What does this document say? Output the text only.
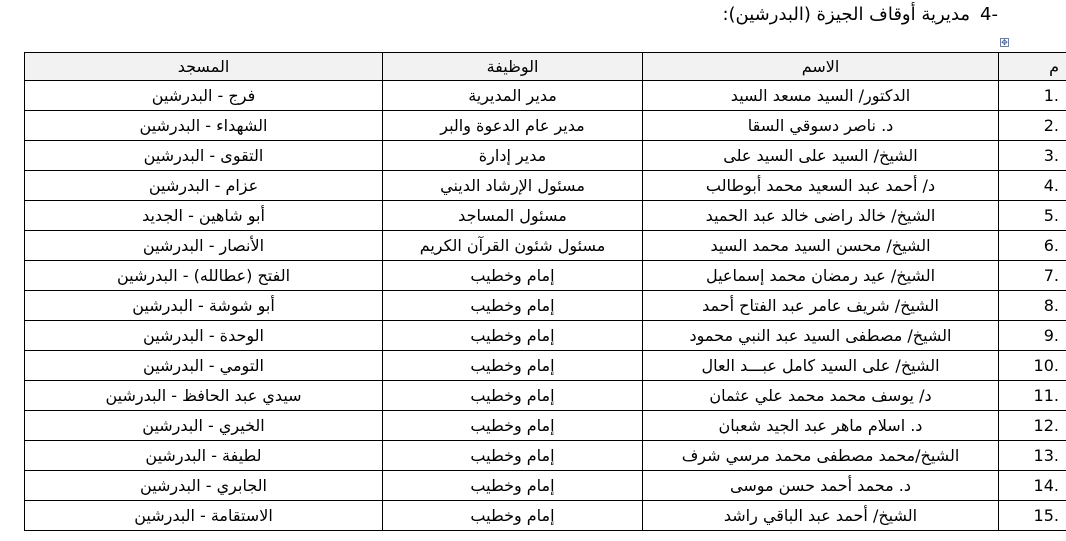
-4مديرية أوقاف الجيزة (البدرشين):
✥
م	الاسم	الوظيفة	المسجد
.1	الدكتور/ السيد مسعد السيد	مدير المديرية	فرج - البدرشين
.2	د. ناصر دسوقي السقا	مدير عام الدعوة والبر	الشهداء - البدرشين
.3	الشيخ/ السيد على السيد على	مدير إدارة	التقوى - البدرشين
.4	د/ أحمد عبد السعيد محمد أبوطالب	مسئول الإرشاد الديني	عزام - البدرشين
.5	الشيخ/ خالد راضى خالد عبد الحميد	مسئول المساجد	أبو شاهين - الجديد
.6	الشيخ/ محسن السيد محمد السيد	مسئول شئون القرآن الكريم	الأنصار - البدرشين
.7	الشيخ/ عيد رمضان محمد إسماعيل	إمام وخطيب	الفتح (عطالله) - البدرشين
.8	الشيخ/ شريف عامر عبد الفتاح أحمد	إمام وخطيب	أبو شوشة - البدرشين
.9	الشيخ/ مصطفى السيد عبد النبي محمود	إمام وخطيب	الوحدة - البدرشين
.10	الشيخ/ على السيد كامل عبـــد العال	إمام وخطيب	التومي - البدرشين
.11	د/ يوسف محمد محمد علي عثمان	إمام وخطيب	سيدي عبد الحافظ - البدرشين
.12	د. اسلام ماهر عبد الجيد شعبان	إمام وخطيب	الخيري - البدرشين
.13	الشيخ/محمد مصطفى محمد مرسي شرف	إمام وخطيب	لطيفة - البدرشين
.14	د. محمد أحمد حسن موسى	إمام وخطيب	الجابري - البدرشين
.15	الشيخ/ أحمد عبد الباقي راشد	إمام وخطيب	الاستقامة - البدرشين
